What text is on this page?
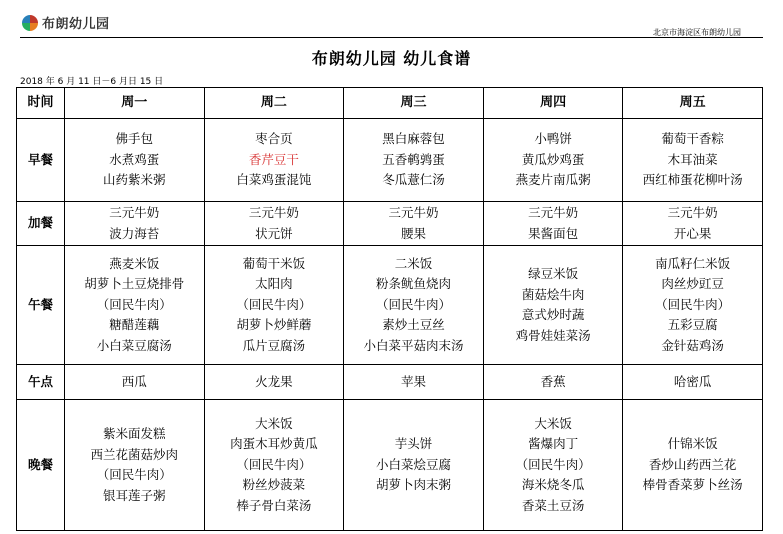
布朗幼儿园
北京市海淀区布朗幼儿园
布朗幼儿园 幼儿食谱
2018 年 6 月 11 日－6 月日 15 日
时间	周一	周二	周三	周四	周五
早餐	佛手包
水煮鸡蛋
山药紫米粥	枣合页
香芹豆干
白菜鸡蛋混饨	黑白麻蓉包
五香鹌鹑蛋
冬瓜薏仁汤	小鸭饼
黄瓜炒鸡蛋
燕麦片南瓜粥	葡萄干香粽
木耳油菜
西红柿蛋花柳叶汤

加餐	三元牛奶
波力海苔	三元牛奶
状元饼	三元牛奶
腰果	三元牛奶
果酱面包	三元牛奶
开心果

午餐	燕麦米饭
胡萝卜土豆烧排骨
（回民牛肉）
糖醋莲藕
小白菜豆腐汤	葡萄干米饭
太阳肉
（回民牛肉）
胡萝卜炒鲜蘑
瓜片豆腐汤	二米饭
粉条鱿鱼烧肉
（回民牛肉）
素炒土豆丝
小白菜平菇肉末汤	绿豆米饭
菌菇烩牛肉
意式炒时蔬
鸡骨娃娃菜汤	南瓜籽仁米饭
肉丝炒豇豆
（回民牛肉）
五彩豆腐
金针菇鸡汤

午点	西瓜	火龙果	苹果	香蕉	哈密瓜

晚餐	紫米面发糕
西兰花菌菇炒肉
（回民牛肉）
银耳莲子粥	大米饭
肉蛋木耳炒黄瓜
（回民牛肉）
粉丝炒菠菜
棒子骨白菜汤	芋头饼
小白菜烩豆腐
胡萝卜肉末粥	大米饭
酱爆肉丁
（回民牛肉）
海米烧冬瓜
香菜土豆汤	什锦米饭
香炒山药西兰花
棒骨香菜萝卜丝汤
